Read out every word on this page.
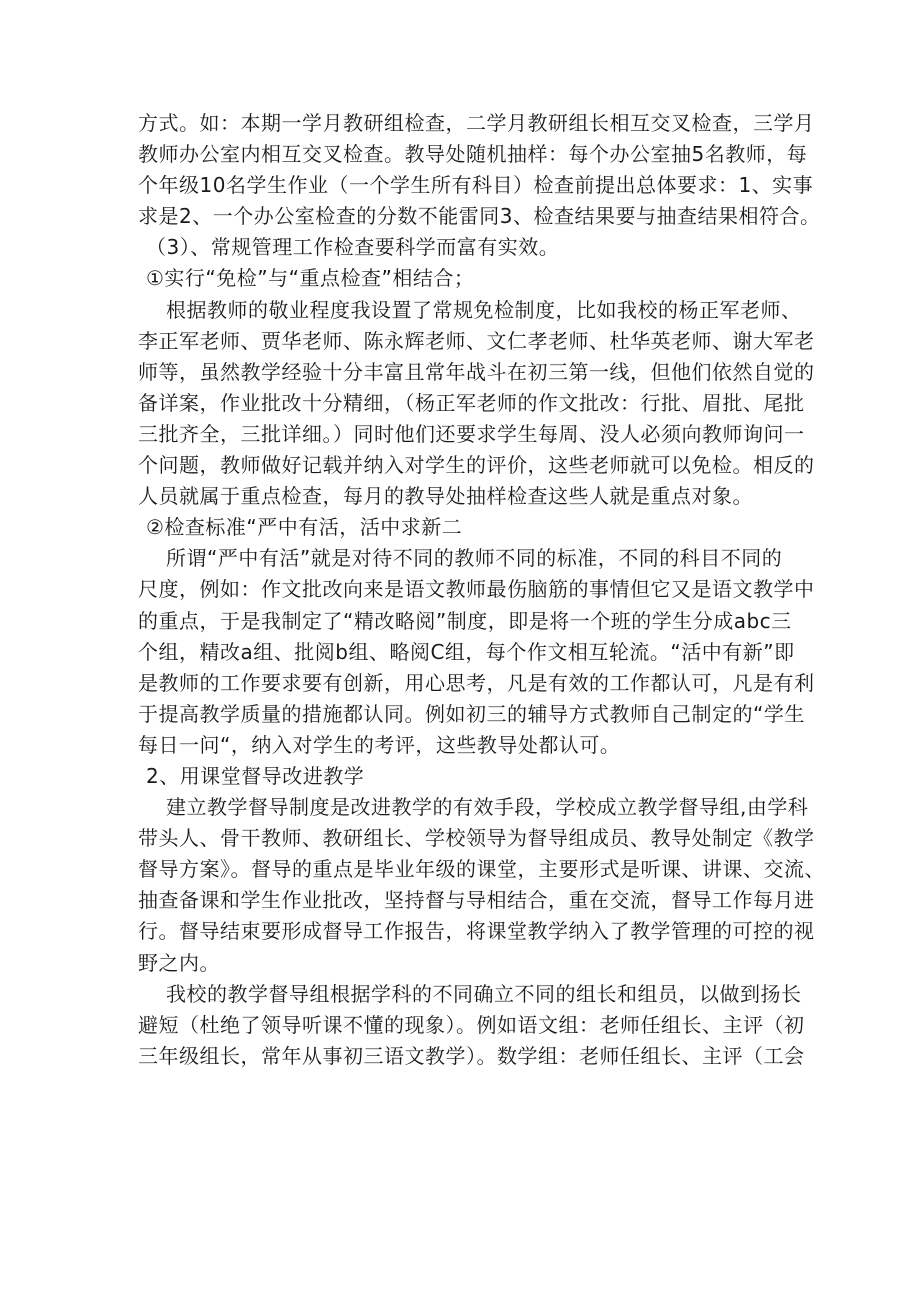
方式。如：本期一学月教研组检查，二学月教研组长相互交叉检查，三学月
教师办公室内相互交叉检查。教导处随机抽样：每个办公室抽5名教师，每
个年级10名学生作业（一个学生所有科目）检查前提出总体要求：1、实事
求是2、一个办公室检查的分数不能雷同3、检查结果要与抽查结果相符合。
（3）、常规管理工作检查要科学而富有实效。
①实行“免检”与“重点检查”相结合；
根据教师的敬业程度我设置了常规免检制度，比如我校的杨正军老师、
李正军老师、贾华老师、陈永辉老师、文仁孝老师、杜华英老师、谢大军老
师等，虽然教学经验十分丰富且常年战斗在初三第一线，但他们依然自觉的
备详案，作业批改十分精细，（杨正军老师的作文批改：行批、眉批、尾批
三批齐全，三批详细。）同时他们还要求学生每周、没人必须向教师询问一
个问题，教师做好记载并纳入对学生的评价，这些老师就可以免检。相反的
人员就属于重点检查，每月的教导处抽样检查这些人就是重点对象。
②检查标准“严中有活，活中求新二
所谓“严中有活”就是对待不同的教师不同的标准，不同的科目不同的
尺度，例如：作文批改向来是语文教师最伤脑筋的事情但它又是语文教学中
的重点，于是我制定了“精改略阅”制度，即是将一个班的学生分成abc三
个组，精改a组、批阅b组、略阅C组，每个作文相互轮流。“活中有新”即
是教师的工作要求要有创新，用心思考，凡是有效的工作都认可，凡是有利
于提高教学质量的措施都认同。例如初三的辅导方式教师自己制定的“学生
每日一问“，纳入对学生的考评，这些教导处都认可。
2、用课堂督导改进教学
建立教学督导制度是改进教学的有效手段，学校成立教学督导组,由学科
带头人、骨干教师、教研组长、学校领导为督导组成员、教导处制定《教学
督导方案》。督导的重点是毕业年级的课堂，主要形式是听课、讲课、交流、
抽查备课和学生作业批改，坚持督与导相结合，重在交流，督导工作每月进
行。督导结束要形成督导工作报告，将课堂教学纳入了教学管理的可控的视
野之内。
我校的教学督导组根据学科的不同确立不同的组长和组员，以做到扬长
避短（杜绝了领导听课不懂的现象）。例如语文组：老师任组长、主评（初
三年级组长，常年从事初三语文教学）。数学组：老师任组长、主评（工会
